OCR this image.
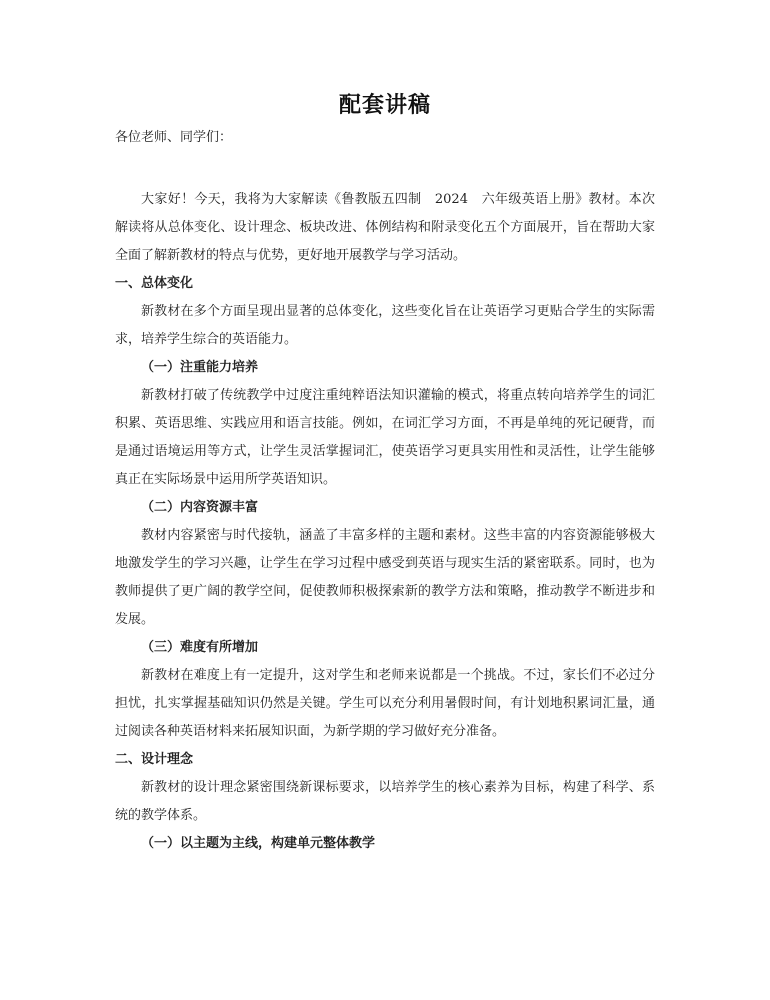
配套讲稿

各位老师、同学们：

大家好！今天，我将为大家解读《鲁教版五四制　2024　六年级英语上册》教材。本次解读将从总体变化、设计理念、板块改进、体例结构和附录变化五个方面展开，旨在帮助大家全面了解新教材的特点与优势，更好地开展教学与学习活动。

一、总体变化

新教材在多个方面呈现出显著的总体变化，这些变化旨在让英语学习更贴合学生的实际需求，培养学生综合的英语能力。

（一）注重能力培养

新教材打破了传统教学中过度注重纯粹语法知识灌输的模式，将重点转向培养学生的词汇积累、英语思维、实践应用和语言技能。例如，在词汇学习方面，不再是单纯的死记硬背，而是通过语境运用等方式，让学生灵活掌握词汇，使英语学习更具实用性和灵活性，让学生能够真正在实际场景中运用所学英语知识。

（二）内容资源丰富

教材内容紧密与时代接轨，涵盖了丰富多样的主题和素材。这些丰富的内容资源能够极大地激发学生的学习兴趣，让学生在学习过程中感受到英语与现实生活的紧密联系。同时，也为教师提供了更广阔的教学空间，促使教师积极探索新的教学方法和策略，推动教学不断进步和发展。

（三）难度有所增加

新教材在难度上有一定提升，这对学生和老师来说都是一个挑战。不过，家长们不必过分担忧，扎实掌握基础知识仍然是关键。学生可以充分利用暑假时间，有计划地积累词汇量，通过阅读各种英语材料来拓展知识面，为新学期的学习做好充分准备。

二、设计理念

新教材的设计理念紧密围绕新课标要求，以培养学生的核心素养为目标，构建了科学、系统的教学体系。

（一）以主题为主线，构建单元整体教学
